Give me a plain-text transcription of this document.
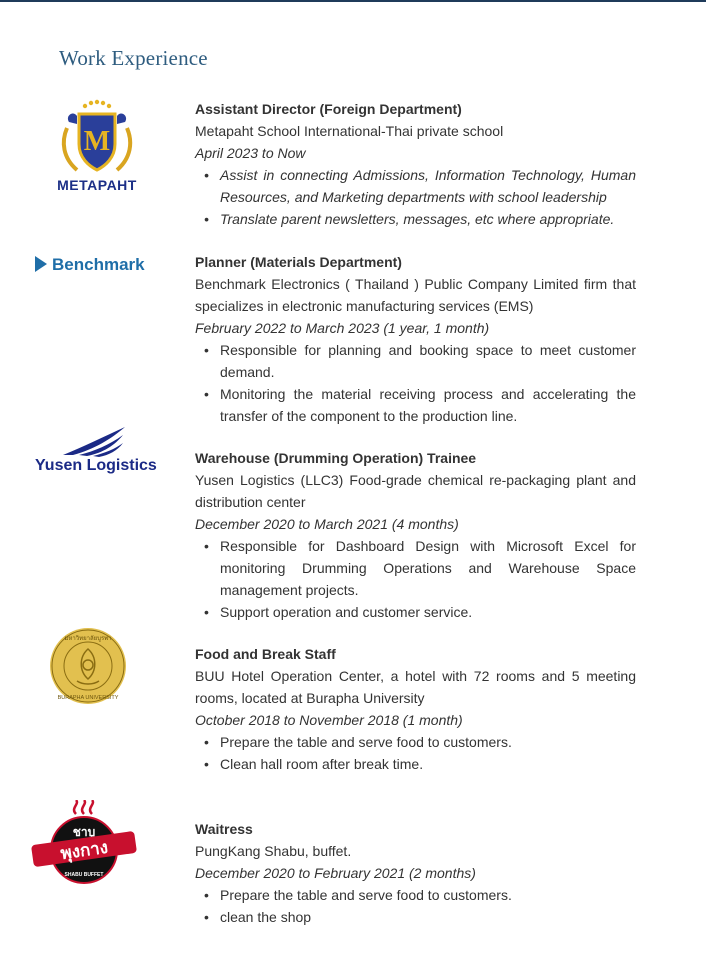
Work Experience
M
METAPAHT
Benchmark
Yusen Logistics
มหาวิทยาลัยบูรพา
BURAPHA UNIVERSITY
ชาบู
พุงกาง
SHABU BUFFET
Assistant Director (Foreign Department)
Metapaht School International-Thai private school
April 2023 to Now
• Assist in connecting Admissions, Information Technology, Human Resources, and Marketing departments with school leadership
• Translate parent newsletters, messages, etc where appropriate.
Planner (Materials Department)
Benchmark Electronics ( Thailand ) Public Company Limited firm that specializes in electronic manufacturing services (EMS)
February 2022 to March 2023 (1 year, 1 month)
• Responsible for planning and booking space to meet customer demand.
• Monitoring the material receiving process and accelerating the transfer of the component to the production line.
Warehouse (Drumming Operation) Trainee
Yusen Logistics (LLC3) Food-grade chemical re-packaging plant and distribution center
December 2020 to March 2021 (4 months)
• Responsible for Dashboard Design with Microsoft Excel for monitoring Drumming Operations and Warehouse Space management projects.
• Support operation and customer service.
Food and Break Staff
BUU Hotel Operation Center, a hotel with 72 rooms and 5 meeting rooms, located at Burapha University
October 2018 to November 2018 (1 month)
• Prepare the table and serve food to customers.
• Clean hall room after break time.
Waitress
PungKang Shabu, buffet.
December 2020 to February 2021 (2 months)
• Prepare the table and serve food to customers.
• clean the shop
